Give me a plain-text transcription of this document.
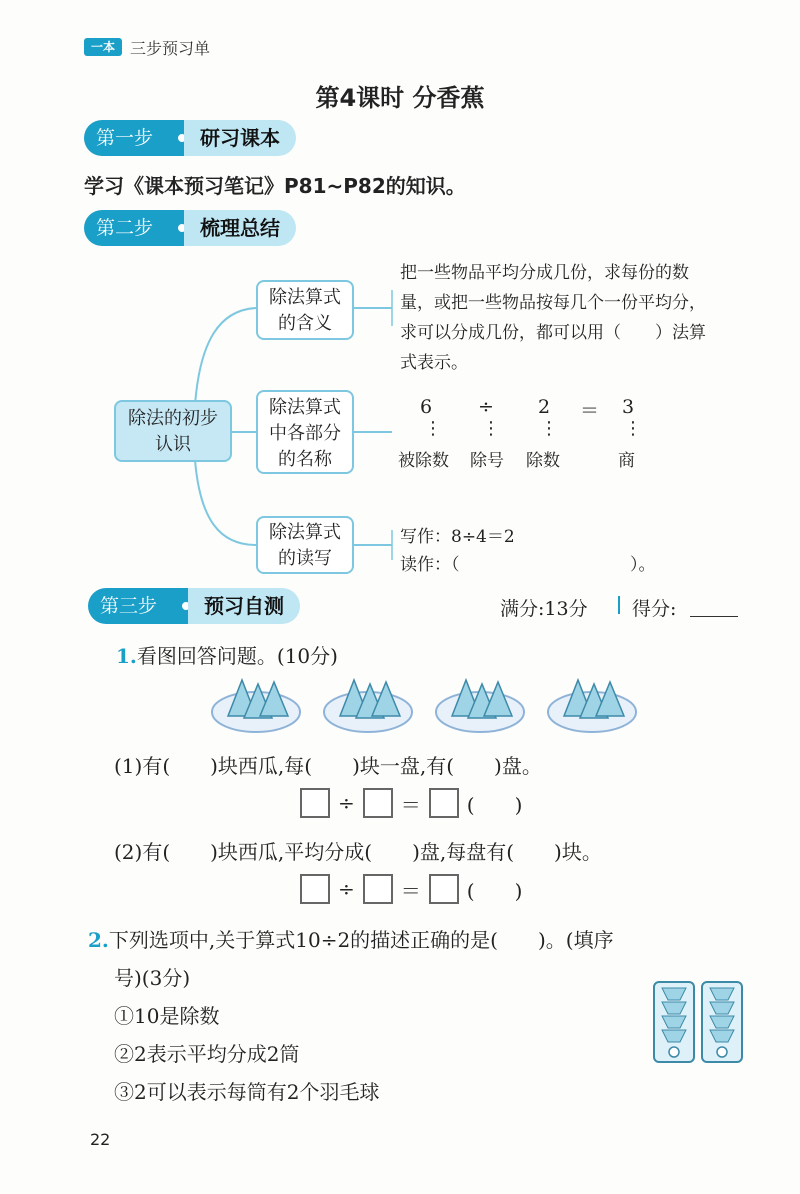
一本 三步预习单
第4课时 分香蕉
第一步	研习课本
学习《课本预习笔记》P81~P82的知识。
第二步	梳理总结
除法的初步
认识
除法算式
的含义
把一些物品平均分成几份，求每份的数量，或把一些物品按每几个一份平均分，求可以分成几份，都可以用（　　）法算式表示。
除法算式
中各部分
的名称
6 ÷ 2 ＝ 3
⋮ ⋮ ⋮	⋮
被除数 除号 除数	商
除法算式
的读写
写作：8÷4＝2
读作：（	）。
第三步	预习自测	满分:13分 得分:
1.看图回答问题。(10分)
(1)有(　　)块西瓜,每(　　)块一盘,有(　　)盘。
÷ ＝ (　　)
(2)有(　　)块西瓜,平均分成(　　)盘,每盘有(　　)块。
÷ ＝ (　　)
2.下列选项中,关于算式10÷2的描述正确的是(　　)。(填序
号)(3分)
①10是除数
②2表示平均分成2筒
③2可以表示每筒有2个羽毛球
22
